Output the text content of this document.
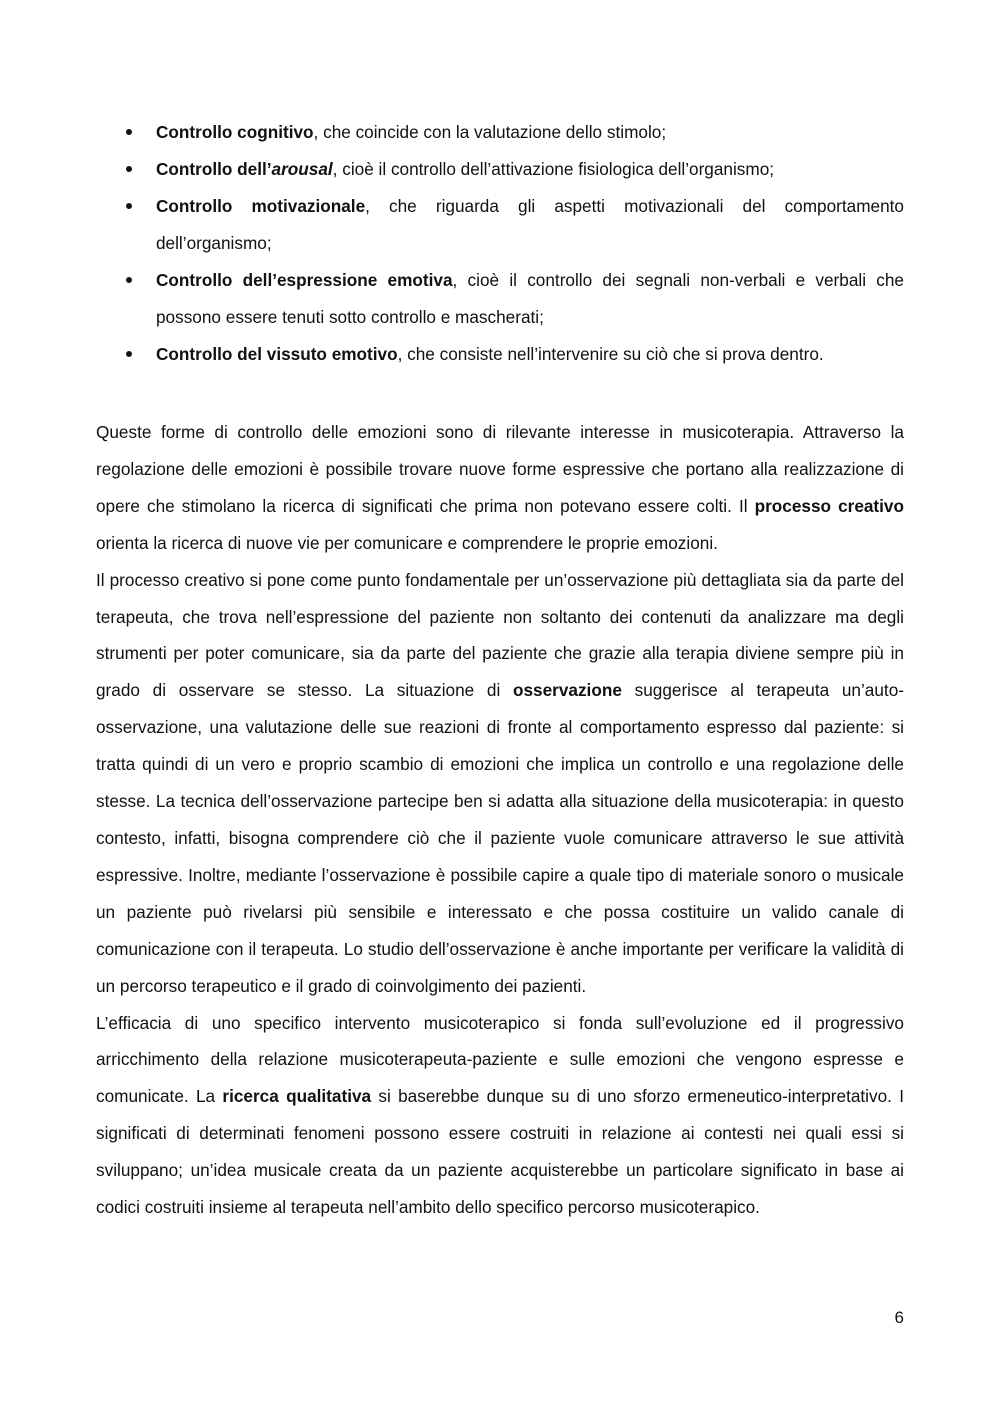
Controllo cognitivo, che coincide con la valutazione dello stimolo;
Controllo dell’arousal, cioè il controllo dell’attivazione fisiologica dell’organismo;
Controllo motivazionale, che riguarda gli aspetti motivazionali del comportamento dell’organismo;
Controllo dell’espressione emotiva, cioè il controllo dei segnali non-verbali e verbali che possono essere tenuti sotto controllo e mascherati;
Controllo del vissuto emotivo, che consiste nell’intervenire su ciò che si prova dentro.

Queste forme di controllo delle emozioni sono di rilevante interesse in musicoterapia. Attraverso la regolazione delle emozioni è possibile trovare nuove forme espressive che portano alla realizzazione di opere che stimolano la ricerca di significati che prima non potevano essere colti. Il processo creativo orienta la ricerca di nuove vie per comunicare e comprendere le proprie emozioni.

Il processo creativo si pone come punto fondamentale per un’osservazione più dettagliata sia da parte del terapeuta, che trova nell’espressione del paziente non soltanto dei contenuti da analizzare ma degli strumenti per poter comunicare, sia da parte del paziente che grazie alla terapia diviene sempre più in grado di osservare se stesso. La situazione di osservazione suggerisce al terapeuta un’auto-osservazione, una valutazione delle sue reazioni di fronte al comportamento espresso dal paziente: si tratta quindi di un vero e proprio scambio di emozioni che implica un controllo e una regolazione delle stesse. La tecnica dell’osservazione partecipe ben si adatta alla situazione della musicoterapia: in questo contesto, infatti, bisogna comprendere ciò che il paziente vuole comunicare attraverso le sue attività espressive. Inoltre, mediante l’osservazione è possibile capire a quale tipo di materiale sonoro o musicale un paziente può rivelarsi più sensibile e interessato e che possa costituire un valido canale di comunicazione con il terapeuta. Lo studio dell’osservazione è anche importante per verificare la validità di un percorso terapeutico e il grado di coinvolgimento dei pazienti.

L’efficacia di uno specifico intervento musicoterapico si fonda sull’evoluzione ed il progressivo arricchimento della relazione musicoterapeuta-paziente e sulle emozioni che vengono espresse e comunicate. La ricerca qualitativa si baserebbe dunque su di uno sforzo ermeneutico-interpretativo. I significati di determinati fenomeni possono essere costruiti in relazione ai contesti nei quali essi si sviluppano; un’idea musicale creata da un paziente acquisterebbe un particolare significato in base ai codici costruiti insieme al terapeuta nell’ambito dello specifico percorso musicoterapico.

6
